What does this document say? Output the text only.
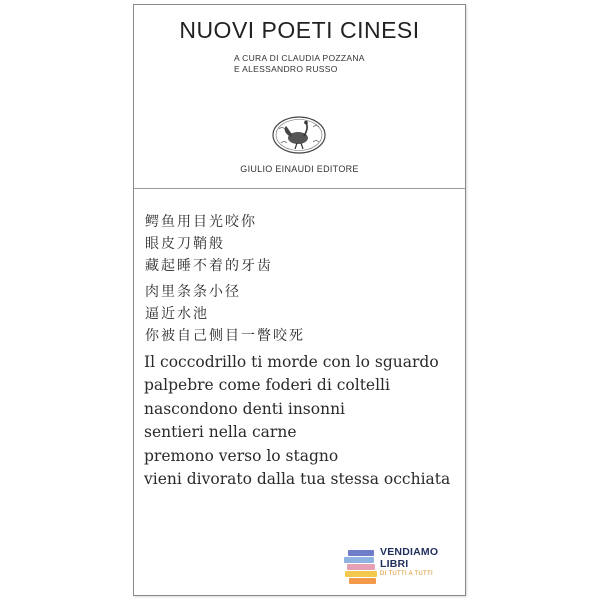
NUOVI POETI CINESI
A CURA DI CLAUDIA POZZANA
E ALESSANDRO RUSSO
GIULIO EINAUDI EDITORE
鳄鱼用目光咬你
眼皮刀鞘般
藏起睡不着的牙齿
肉里条条小径
逼近水池
你被自己侧目一瞥咬死
Il coccodrillo ti morde con lo sguardo
palpebre come foderi di coltelli
nascondono denti insonni
sentieri nella carne
premono verso lo stagno
vieni divorato dalla tua stessa occhiata
VENDIAMO
LIBRI
DI TUTTI A TUTTI
